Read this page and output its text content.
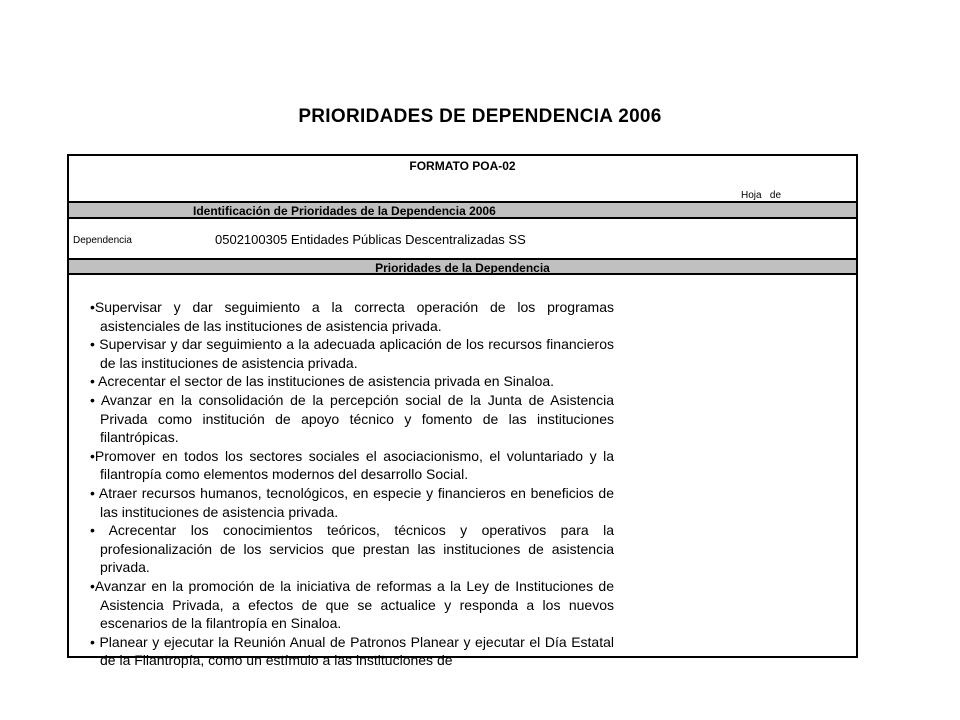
PRIORIDADES DE DEPENDENCIA 2006
FORMATO POA-02
Hoja de
Identificación de Prioridades de la Dependencia 2006
Dependencia	0502100305 Entidades Públicas Descentralizadas SS
Prioridades de la Dependencia

•Supervisar y dar seguimiento a la correcta operación de los programas asistenciales de las instituciones de asistencia privada.

• Supervisar y dar seguimiento a la adecuada aplicación de los recursos financieros de las instituciones de asistencia privada.

• Acrecentar el sector de las instituciones de asistencia privada en Sinaloa.

• Avanzar en la consolidación de la percepción social de la Junta de Asistencia Privada como institución de apoyo técnico y fomento de las instituciones filantrópicas.

•Promover en todos los sectores sociales el asociacionismo, el voluntariado y la filantropía como elementos modernos del desarrollo Social.

• Atraer recursos humanos, tecnológicos, en especie y financieros en beneficios de las instituciones de asistencia privada.

• Acrecentar los conocimientos teóricos, técnicos y operativos para la profesionalización de los servicios que prestan las instituciones de asistencia privada.

•Avanzar en la promoción de la iniciativa de reformas a la Ley de Instituciones de Asistencia Privada, a efectos de que se actualice y responda a los nuevos escenarios de la filantropía en Sinaloa.

• Planear y ejecutar la Reunión Anual de Patronos Planear y ejecutar el Día Estatal de la Filantropía, como un estímulo a las instituciones de
